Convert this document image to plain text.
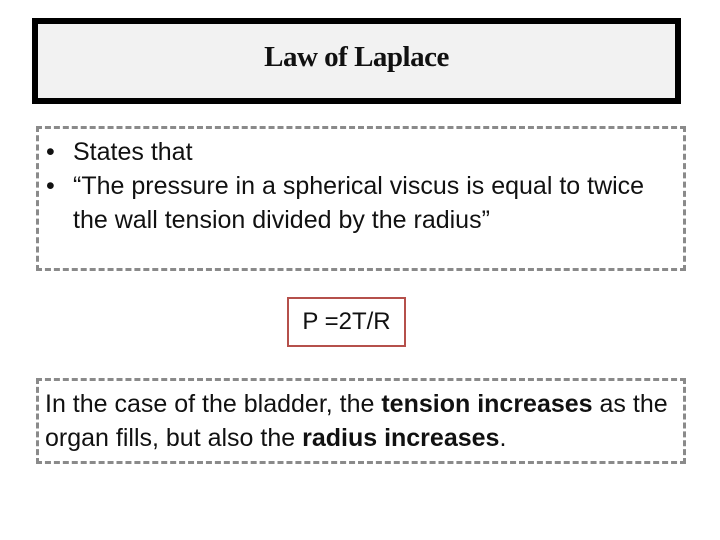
Law of Laplace
• States that
• “The pressure in a spherical viscus is equal to twice the wall tension divided by the radius”
P =2T/R
In the case of the bladder, the tension increases as the organ fills, but also the radius increases.
